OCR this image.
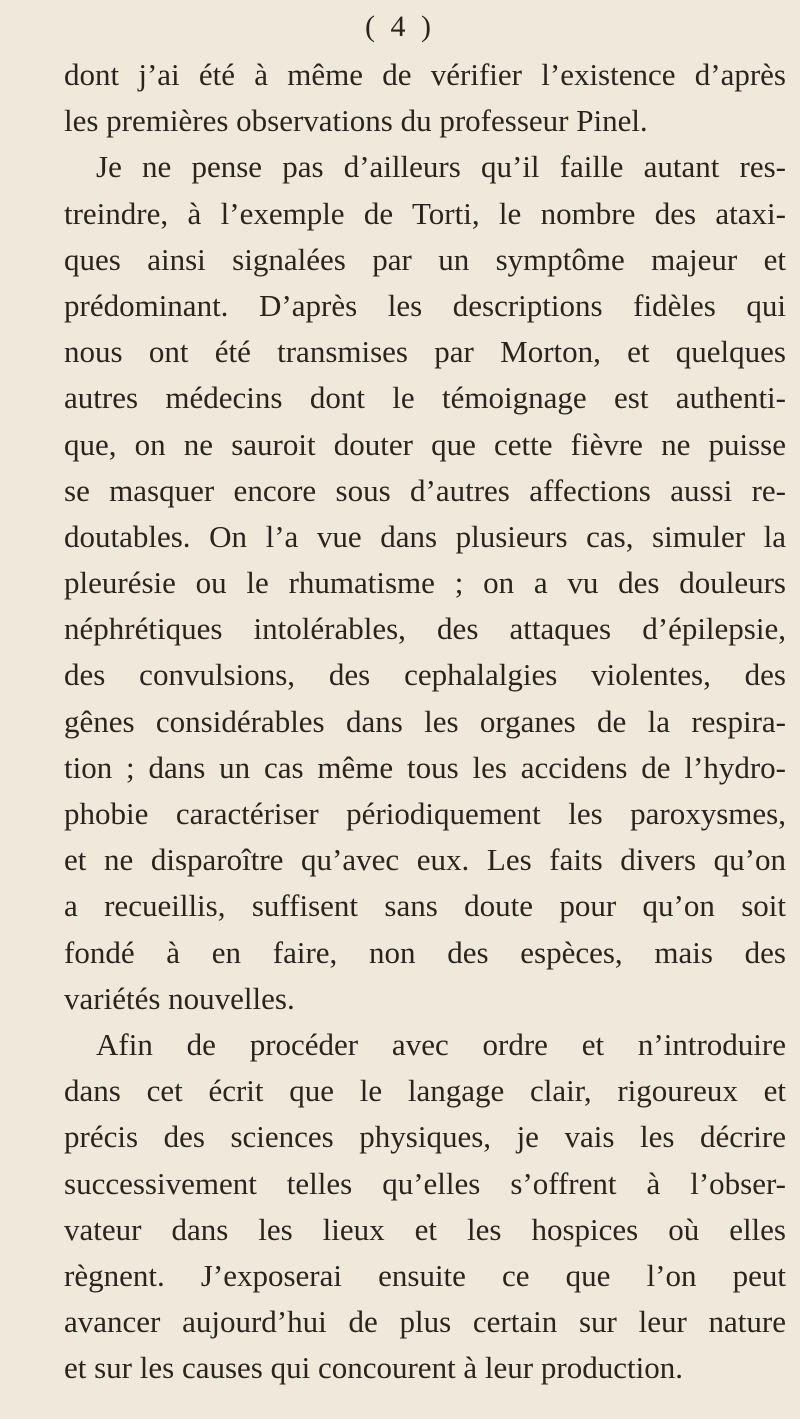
( 4 )
dont j’ai été à même de vérifier l’existence d’après
les premières observations du professeur Pinel.
Je ne pense pas d’ailleurs qu’il faille autant res-
treindre, à l’exemple de Torti, le nombre des ataxi-
ques ainsi signalées par un symptôme majeur et
prédominant. D’après les descriptions fidèles qui
nous ont été transmises par Morton, et quelques
autres médecins dont le témoignage est authenti-
que, on ne sauroit douter que cette fièvre ne puisse
se masquer encore sous d’autres affections aussi re-
doutables. On l’a vue dans plusieurs cas, simuler la
pleurésie ou le rhumatisme ; on a vu des douleurs
néphrétiques intolérables, des attaques d’épilepsie,
des convulsions, des cephalalgies violentes, des
gênes considérables dans les organes de la respira-
tion ; dans un cas même tous les accidens de l’hydro-
phobie caractériser périodiquement les paroxysmes,
et ne disparoître qu’avec eux. Les faits divers qu’on
a recueillis, suffisent sans doute pour qu’on soit
fondé à en faire, non des espèces, mais des
variétés nouvelles.
Afin de procéder avec ordre et n’introduire
dans cet écrit que le langage clair, rigoureux et
précis des sciences physiques, je vais les décrire
successivement telles qu’elles s’offrent à l’obser-
vateur dans les lieux et les hospices où elles
règnent. J’exposerai ensuite ce que l’on peut
avancer aujourd’hui de plus certain sur leur nature
et sur les causes qui concourent à leur production.
